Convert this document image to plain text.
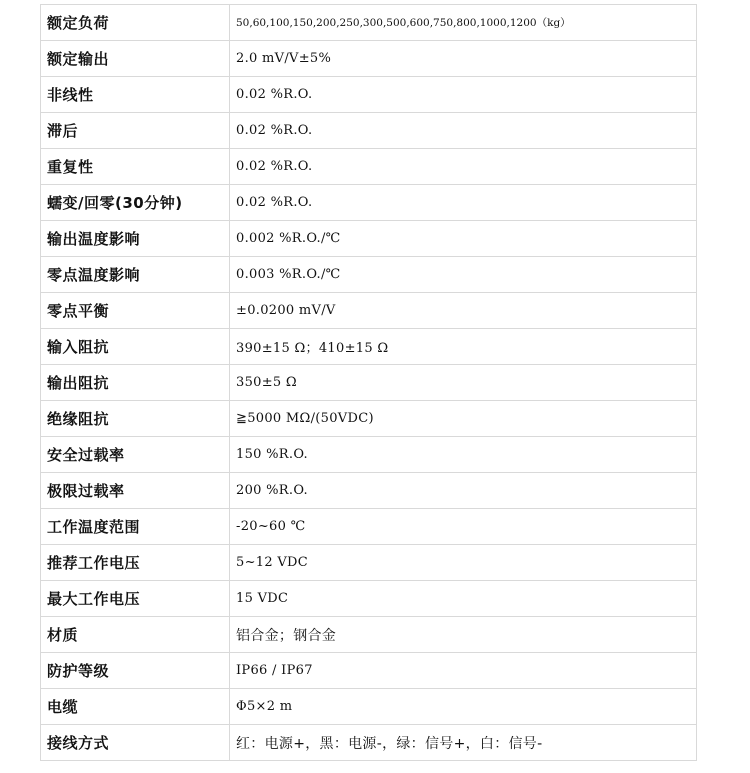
额定负荷	50,60,100,150,200,250,300,500,600,750,800,1000,1200（kg）
额定输出	2.0 mV/V±5%
非线性	0.02 %R.O.
滞后	0.02 %R.O.
重复性	0.02 %R.O.
蠕变/回零(30分钟)	0.02 %R.O.
输出温度影响	0.002 %R.O./℃
零点温度影响	0.003 %R.O./℃
零点平衡	±0.0200 mV/V
输入阻抗	390±15 Ω；410±15 Ω
输出阻抗	350±5 Ω
绝缘阻抗	≧5000 MΩ/(50VDC)
安全过载率	150 %R.O.
极限过载率	200 %R.O.
工作温度范围	-20~60 ℃
推荐工作电压	5~12 VDC
最大工作电压	15 VDC
材质	铝合金；钢合金
防护等级	IP66 / IP67
电缆	Φ5×2 m
接线方式	红：电源+，黑：电源-，绿：信号+，白：信号-
